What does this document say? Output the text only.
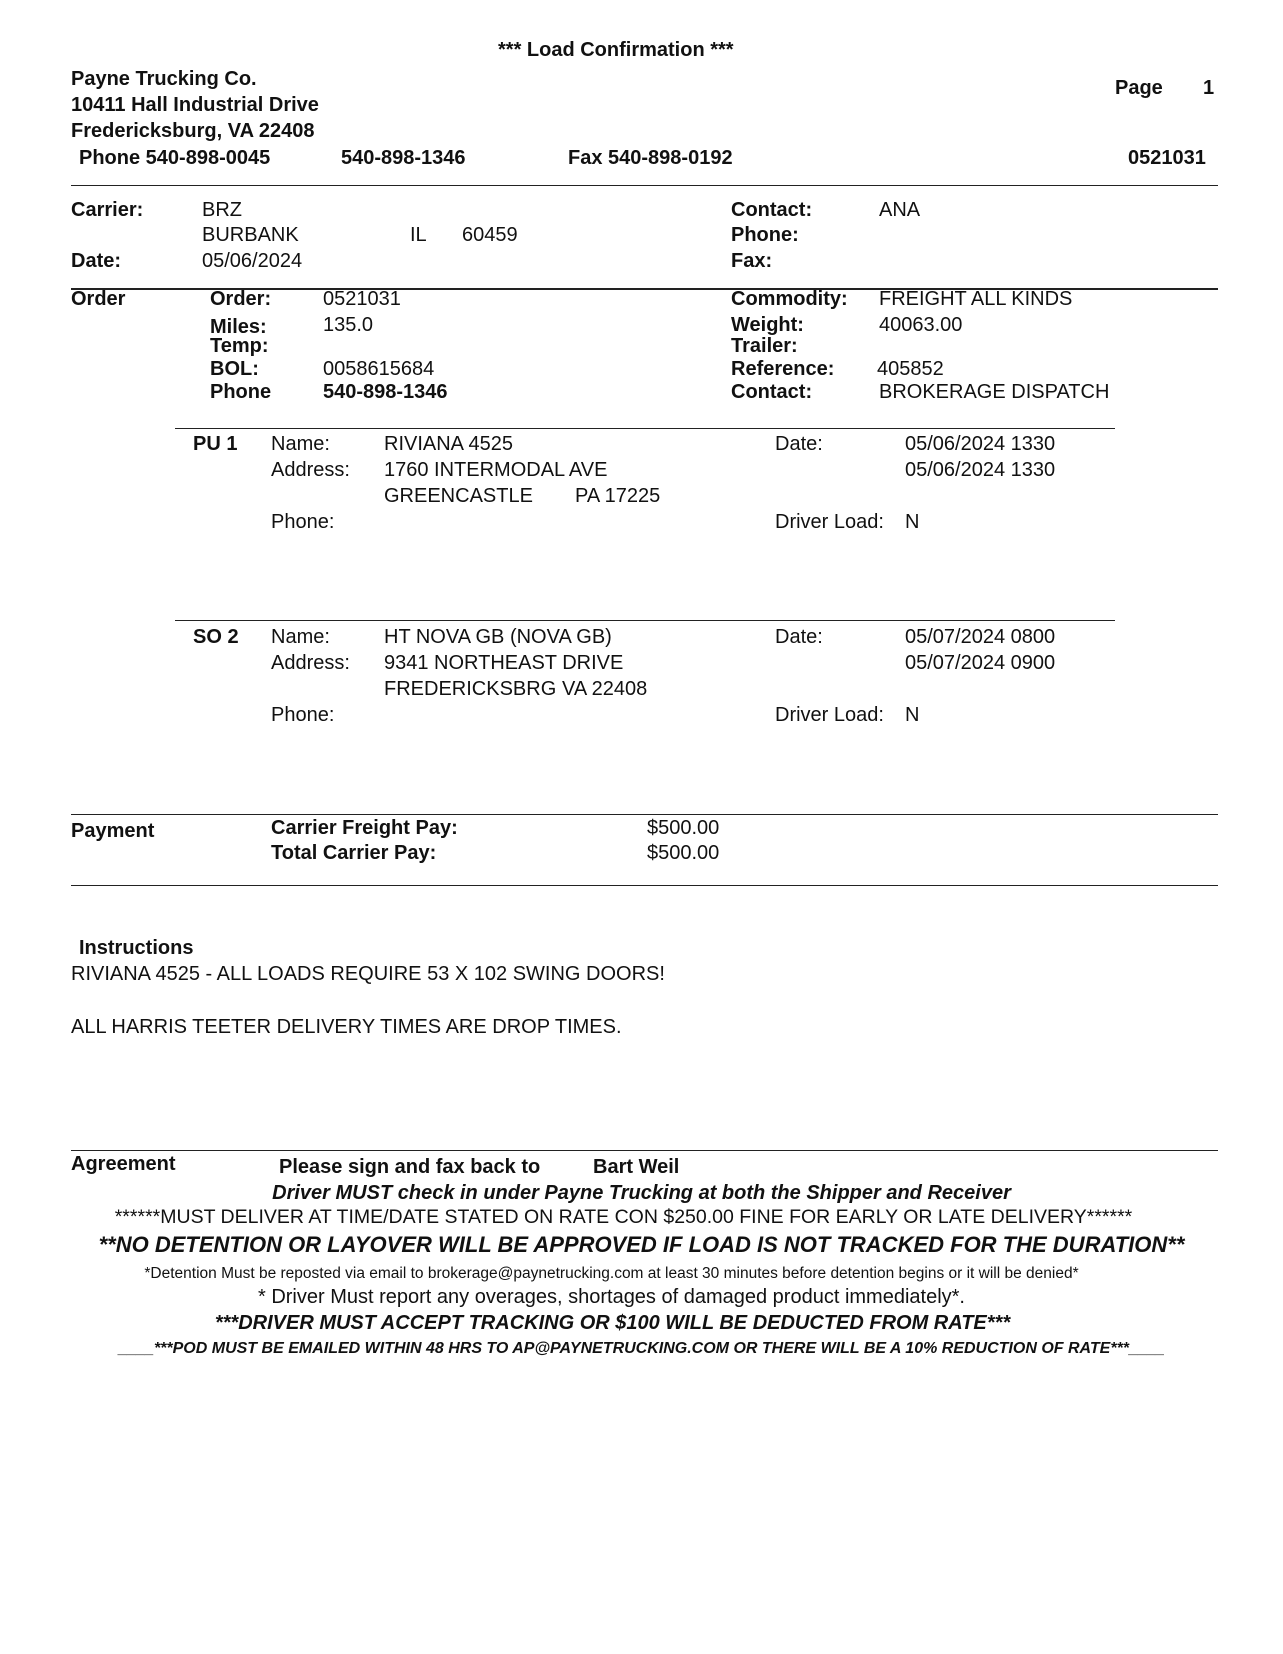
*** Load Confirmation ***
Payne Trucking Co.
10411 Hall Industrial Drive
Fredericksburg, VA 22408
Phone 540-898-0045	540-898-1346	Fax 540-898-0192
Page 1
0521031
Carrier:	BRZ
BURBANK	IL 60459
Date:	05/06/2024
Contact:	ANA
Phone:
Fax:
Order	Order:	0521031
Miles:	135.0
Temp:
BOL:	0058615684
Phone	540-898-1346
Commodity: FREIGHT ALL KINDS
Weight:	40063.00
Trailer:
Reference: 405852
Contact:	BROKERAGE DISPATCH
PU 1 Name:	RIVIANA 4525
Address: 1760 INTERMODAL AVE
GREENCASTLE PA 17225
Phone:
Date:	05/06/2024 1330
05/06/2024 1330
Driver Load: N
SO 2 Name:	HT NOVA GB (NOVA GB)
Address: 9341 NORTHEAST DRIVE
FREDERICKSBRG VA 22408
Phone:
Date:	05/07/2024 0800
05/07/2024 0900
Driver Load: N
Payment	Carrier Freight Pay:	$500.00
Total Carrier Pay:	$500.00
Instructions
RIVIANA 4525 - ALL LOADS REQUIRE 53 X 102 SWING DOORS!
ALL HARRIS TEETER DELIVERY TIMES ARE DROP TIMES.
Agreement	Please sign and fax back to	Bart Weil
Driver MUST check in under Payne Trucking at both the Shipper and Receiver
******MUST DELIVER AT TIME/DATE STATED ON RATE CON $250.00 FINE FOR EARLY OR LATE DELIVERY******
**NO DETENTION OR LAYOVER WILL BE APPROVED IF LOAD IS NOT TRACKED FOR THE DURATION**
*Detention Must be reposted via email to brokerage@paynetrucking.com at least 30 minutes before detention begins or it will be denied*
* Driver Must report any overages, shortages of damaged product immediately*.
***DRIVER MUST ACCEPT TRACKING OR $100 WILL BE DEDUCTED FROM RATE***
____***POD MUST BE EMAILED WITHIN 48 HRS TO AP@PAYNETRUCKING.COM OR THERE WILL BE A 10% REDUCTION OF RATE***____
